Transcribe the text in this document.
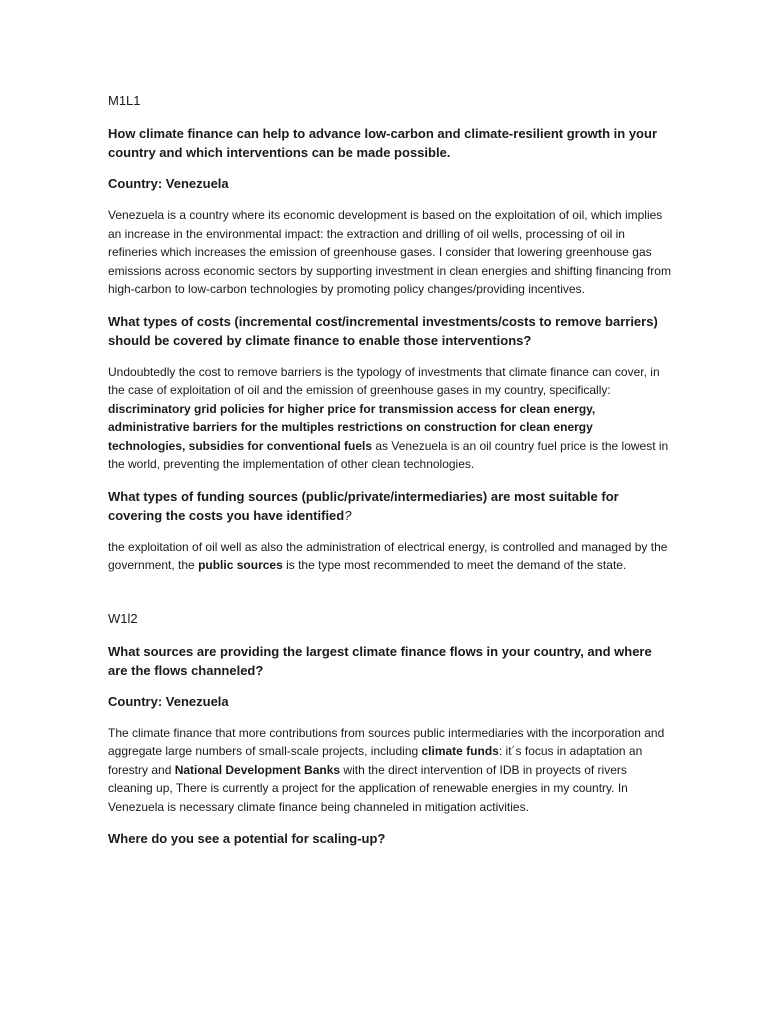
M1L1
How climate finance can help to advance low-carbon and climate-resilient growth in your country and which interventions can be made possible.
Country: Venezuela
Venezuela is a country where its economic development is based on the exploitation of oil, which implies an increase in the environmental impact: the extraction and drilling of oil wells, processing of oil in refineries which increases the emission of greenhouse gases. I consider that lowering greenhouse gas emissions across economic sectors by supporting investment in clean energies and shifting financing from high-carbon to low-carbon technologies by promoting policy changes/providing incentives.
What types of costs (incremental cost/incremental investments/costs to remove barriers) should be covered by climate finance to enable those interventions?
Undoubtedly the cost to remove barriers is the typology of investments that climate finance can cover, in the case of exploitation of oil and the emission of greenhouse gases in my country, specifically: discriminatory grid policies for higher price for transmission access for clean energy, administrative barriers for the multiples restrictions on construction for clean energy technologies, subsidies for conventional fuels as Venezuela is an oil country fuel price is the lowest in the world, preventing the implementation of other clean technologies.
What types of funding sources (public/private/intermediaries) are most suitable for covering the costs you have identified?
the exploitation of oil well as also the administration of electrical energy, is controlled and managed by the government, the public sources is the type most recommended to meet the demand of the state.
W1l2
What sources are providing the largest climate finance flows in your country, and where are the flows channeled?
Country: Venezuela
The climate finance that more contributions from sources public intermediaries with the incorporation and aggregate large numbers of small-scale projects, including climate funds: it´s focus in adaptation an forestry and National Development Banks with the direct intervention of IDB in proyects of rivers cleaning up, There is currently a project for the application of renewable energies in my country. In Venezuela is necessary climate finance being channeled in mitigation activities.
Where do you see a potential for scaling-up?
